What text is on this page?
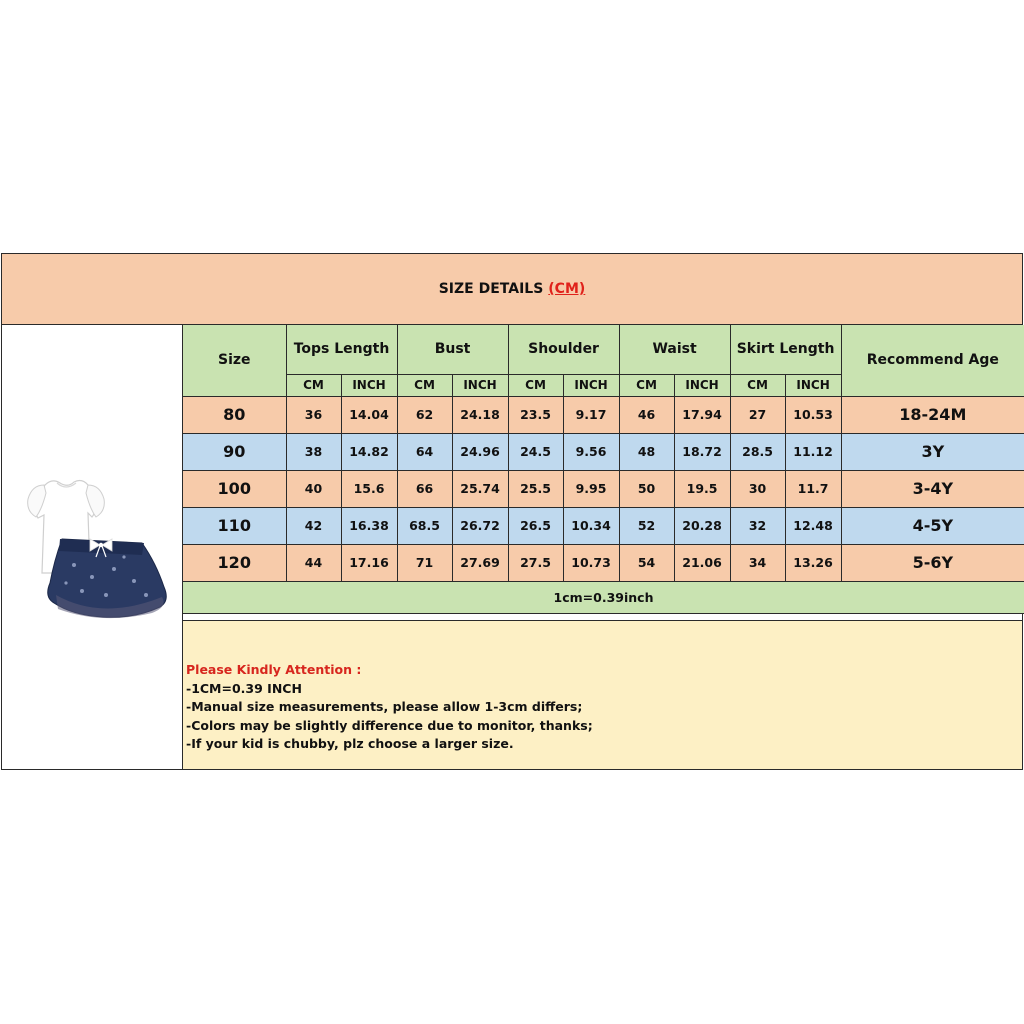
SIZE DETAILS (CM)
Size	Tops Length		Bust		Shoulder		Waist		Skirt Length		Recommend Age
	CM	INCH	CM	INCH	CM	INCH	CM	INCH	CM	INCH	
80	36	14.04	62	24.18	23.5	9.17	46	17.94	27	10.53	18-24M
90	38	14.82	64	24.96	24.5	9.56	48	18.72	28.5	11.12	3Y
100	40	15.6	66	25.74	25.5	9.95	50	19.5	30	11.7	3-4Y
110	42	16.38	68.5	26.72	26.5	10.34	52	20.28	32	12.48	4-5Y
120	44	17.16	71	27.69	27.5	10.73	54	21.06	34	13.26	5-6Y
1cm=0.39inch											
Please Kindly Attention :
-1CM=0.39 INCH
-Manual size measurements, please allow 1-3cm differs;
-Colors may be slightly difference due to monitor, thanks;
-If your kid is chubby, plz choose a larger size.
